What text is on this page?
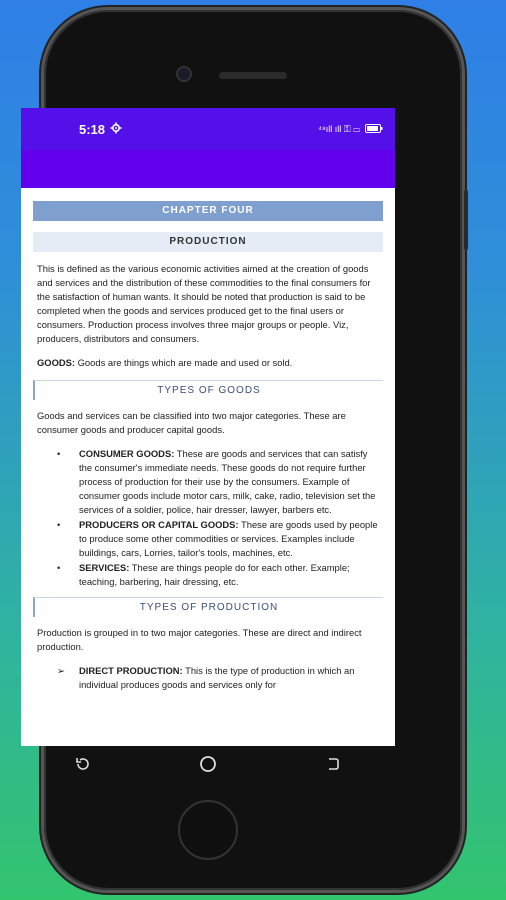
5:18	⁴⁸ıll ıll ⚿ ▭
CHAPTER FOUR
PRODUCTION

This is defined as the various economic activities aimed at the creation of goods and services and the distribution of these commodities to the final consumers for the satisfaction of human wants. It should be noted that production is said to be completed when the goods and services produced get to the final users or consumers. Production process involves three major groups or people. Viz, producers, distributors and consumers.

GOODS: Goods are things which are made and used or sold.

TYPES OF GOODS

Goods and services can be classified into two major categories. These are consumer goods and producer capital goods.

• CONSUMER GOODS: These are goods and services that can satisfy the consumer's immediate needs. These goods do not require further process of production for their use by the consumers. Example of consumer goods include motor cars, milk, cake, radio, television set the services of a soldier, police, hair dresser, lawyer, barbers etc.
• PRODUCERS OR CAPITAL GOODS: These are goods used by people to produce some other commodities or services. Examples include buildings, cars, Lorries, tailor's tools, machines, etc.
• SERVICES: These are things people do for each other. Example; teaching, barbering, hair dressing, etc.
TYPES OF PRODUCTION

Production is grouped in to two major categories. These are direct and indirect production.

➢ DIRECT PRODUCTION: This is the type of production in which an individual produces goods and services only for
